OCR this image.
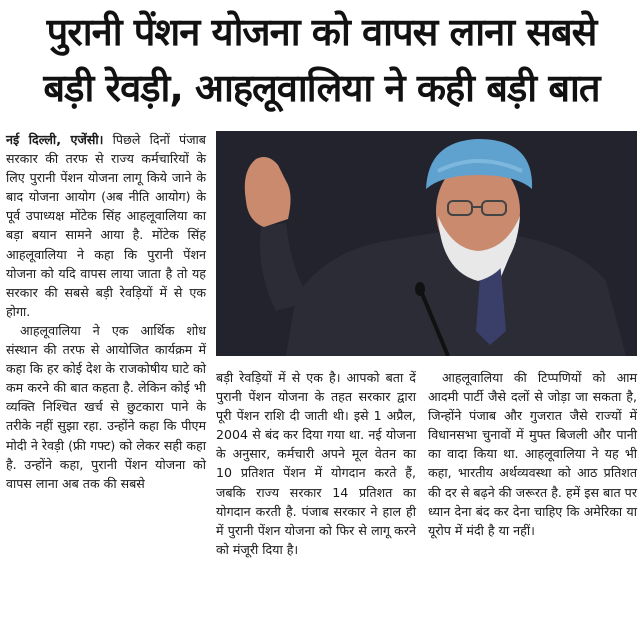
पुरानी पेंशन योजना को वापस लाना सबसे
बड़ी रेवड़ी, आहलूवालिया ने कही बड़ी बात

नई दिल्ली, एजेंसी। पिछले दिनों पंजाब सरकार की तरफ से राज्य कर्मचारियों के लिए पुरानी पेंशन योजना लागू किये जाने के बाद योजना आयोग (अब नीति आयोग) के पूर्व उपाध्यक्ष मोंटेक सिंह आहलूवालिया का बड़ा बयान सामने आया है. मोंटेक सिंह आहलूवालिया ने कहा कि पुरानी पेंशन योजना को यदि वापस लाया जाता है तो यह सरकार की सबसे बड़ी रेवड़ियों में से एक होगा.

आहलूवालिया ने एक आर्थिक शोध संस्थान की तरफ से आयोजित कार्यक्रम में कहा कि हर कोई देश के राजकोषीय घाटे को कम करने की बात कहता है. लेकिन कोई भी व्यक्ति निश्चित खर्च से छुटकारा पाने के तरीके नहीं सुझा रहा. उन्होंने कहा कि पीएम मोदी ने रेवड़ी (फ्री गफ्ट) को लेकर सही कहा है. उन्होंने कहा, पुरानी पेंशन योजना को वापस लाना अब तक की सबसे

बड़ी रेवड़ियों में से एक है। आपको बता दें पुरानी पेंशन योजना के तहत सरकार द्वारा पूरी पेंशन राशि दी जाती थी। इसे 1 अप्रैल, 2004 से बंद कर दिया गया था. नई योजना के अनुसार, कर्मचारी अपने मूल वेतन का 10 प्रतिशत पेंशन में योगदान करते हैं, जबकि राज्य सरकार 14 प्रतिशत का योगदान करती है. पंजाब सरकार ने हाल ही में पुरानी पेंशन योजना को फिर से लागू करने को मंजूरी दिया है।

आहलूवालिया की टिप्पणियों को आम आदमी पार्टी जैसे दलों से जोड़ा जा सकता है, जिन्होंने पंजाब और गुजरात जैसे राज्यों में विधानसभा चुनावों में मुफ्त बिजली और पानी का वादा किया था. आहलूवालिया ने यह भी कहा, भारतीय अर्थव्यवस्था को आठ प्रतिशत की दर से बढ़ने की जरूरत है. हमें इस बात पर ध्यान देना बंद कर देना चाहिए कि अमेरिका या यूरोप में मंदी है या नहीं।
